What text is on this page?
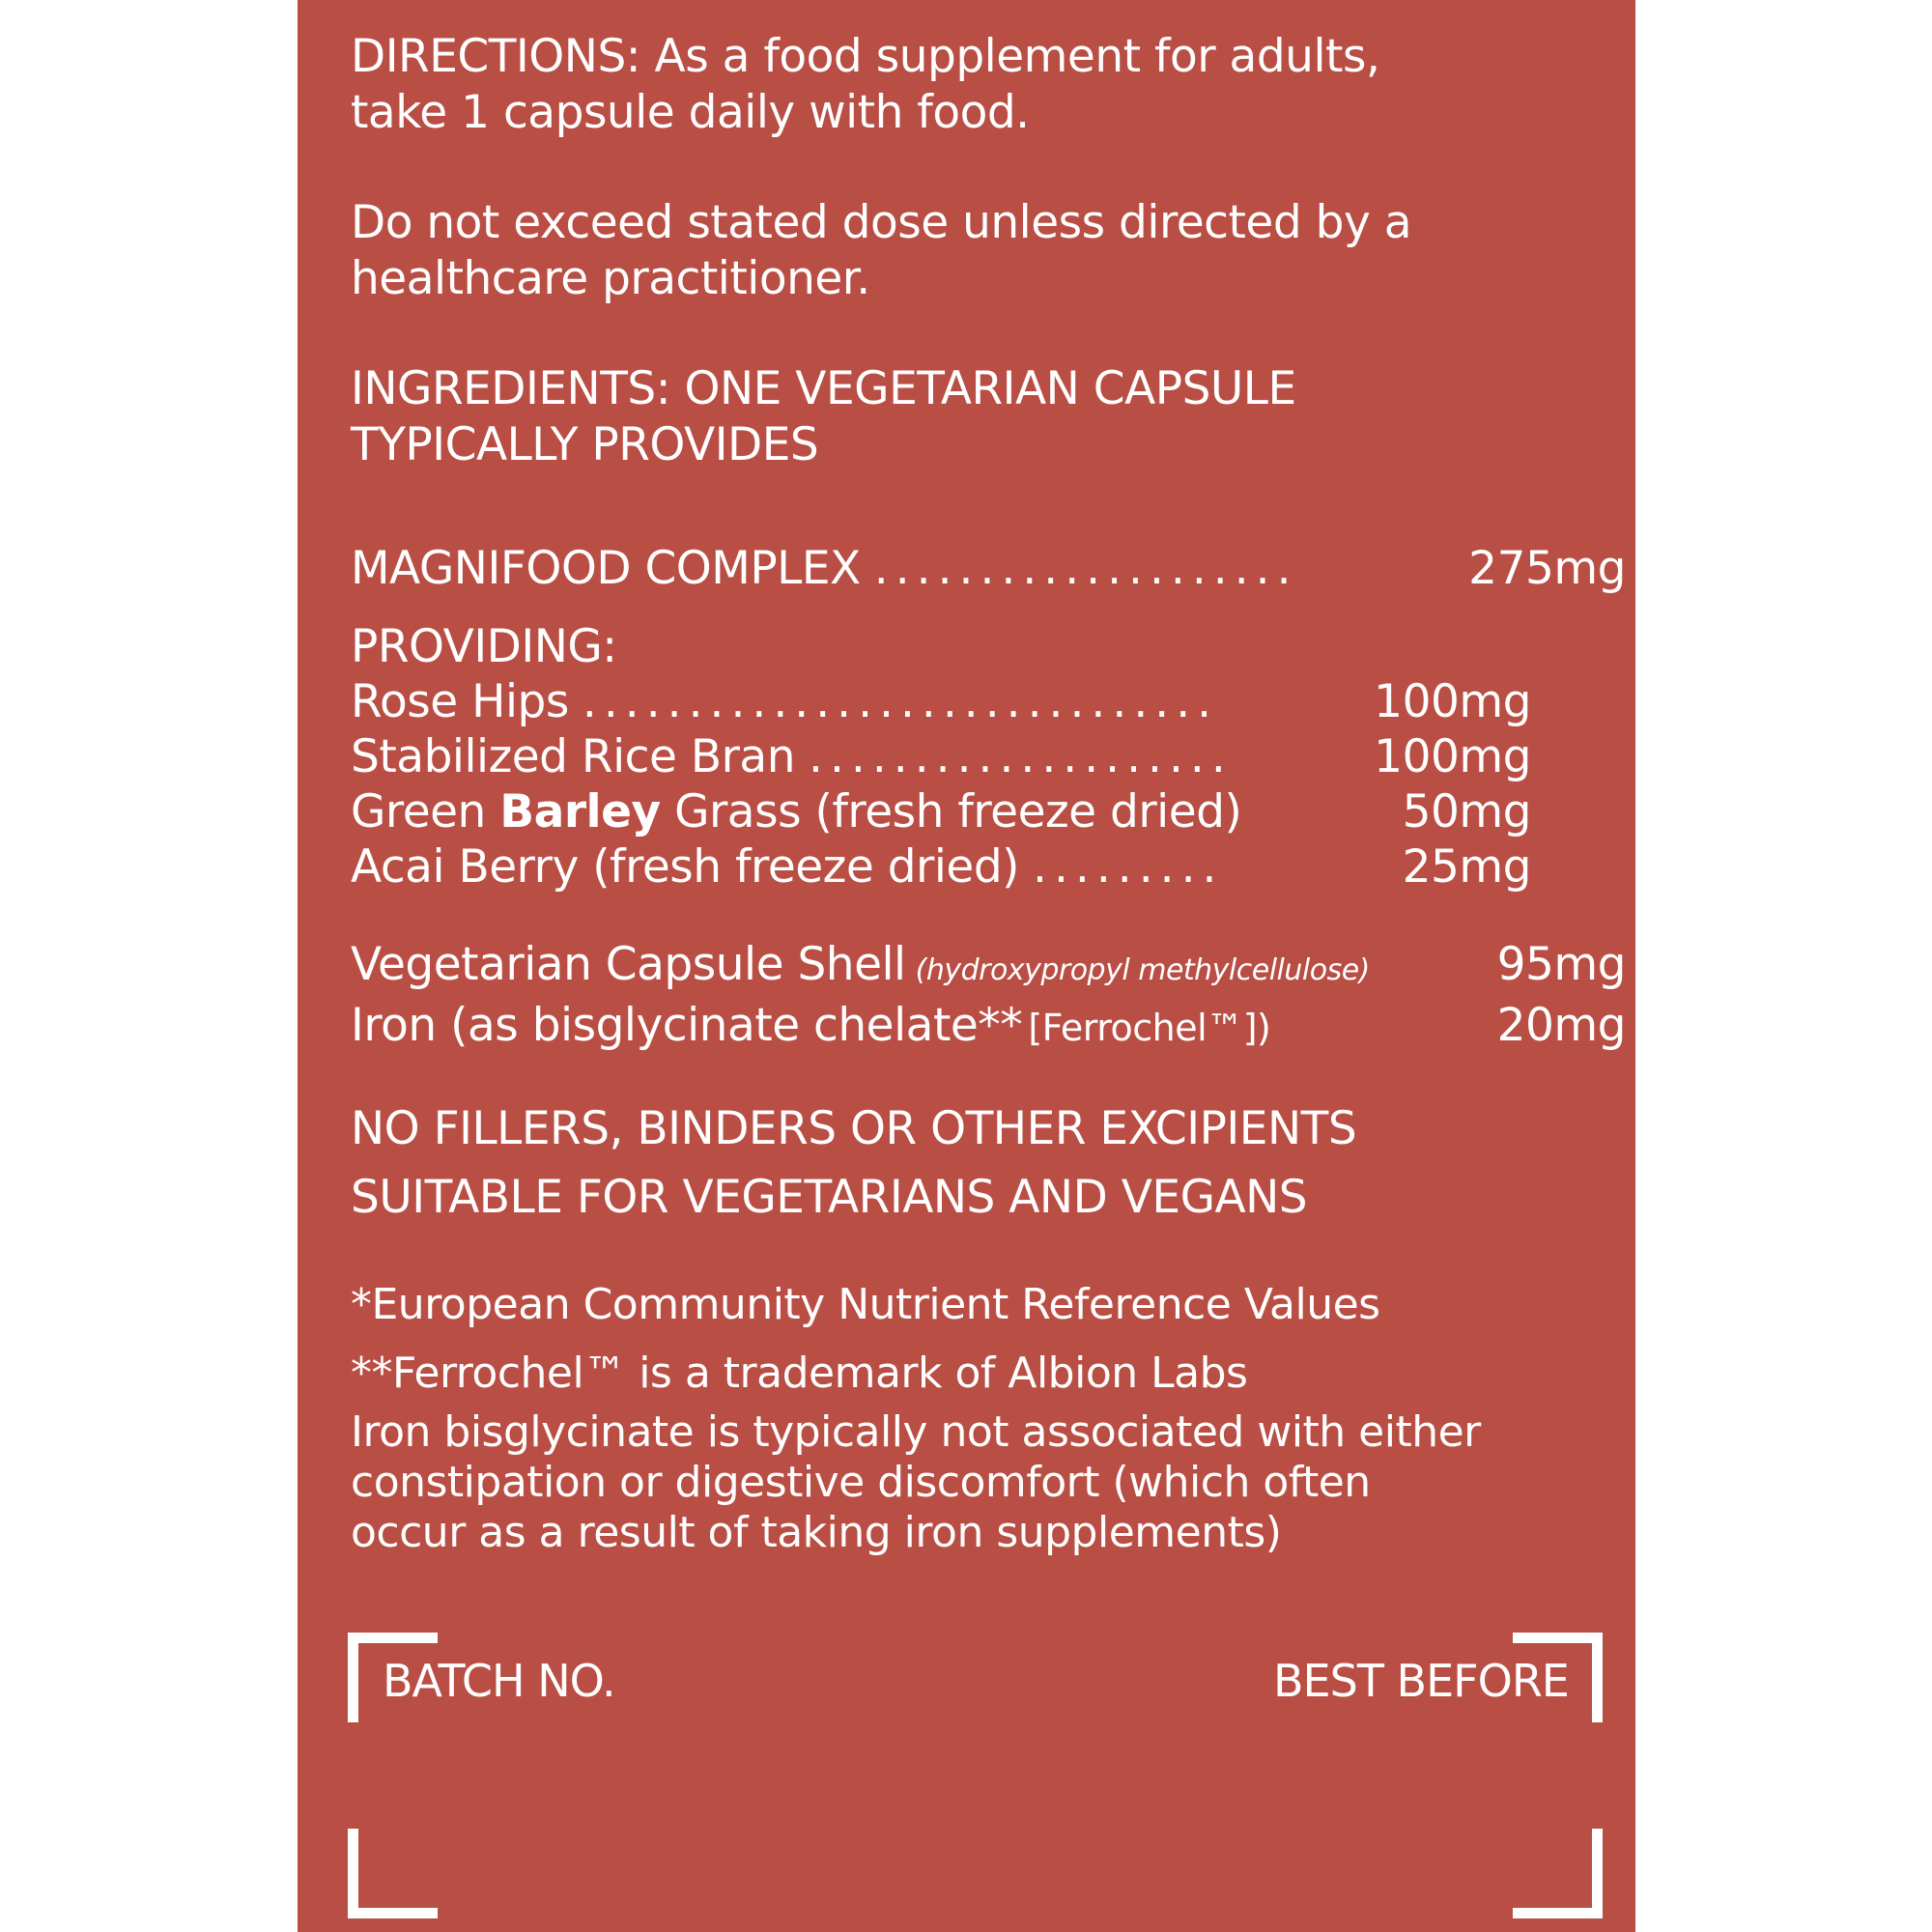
DIRECTIONS: As a food supplement for adults,
take 1 capsule daily with food.

Do not exceed stated dose unless directed by a
healthcare practitioner.

INGREDIENTS: ONE VEGETARIAN CAPSULE
TYPICALLY PROVIDES

MAGNIFOOD COMPLEX ....................	275mg
PROVIDING:
Rose Hips ..............................	100mg
Stabilized Rice Bran ....................	100mg
Green Barley Grass (fresh freeze dried)	50mg
Acai Berry (fresh freeze dried) .........	25mg
Vegetarian Capsule Shell (hydroxypropyl methylcellulose)	95mg
Iron (as bisglycinate chelate** [Ferrochel™])	20mg

NO FILLERS, BINDERS OR OTHER EXCIPIENTS

SUITABLE FOR VEGETARIANS AND VEGANS

*European Community Nutrient Reference Values

**Ferrochel™ is a trademark of Albion Labs

Iron bisglycinate is typically not associated with either
constipation or digestive discomfort (which often
occur as a result of taking iron supplements)

BATCH NO.	BEST BEFORE
